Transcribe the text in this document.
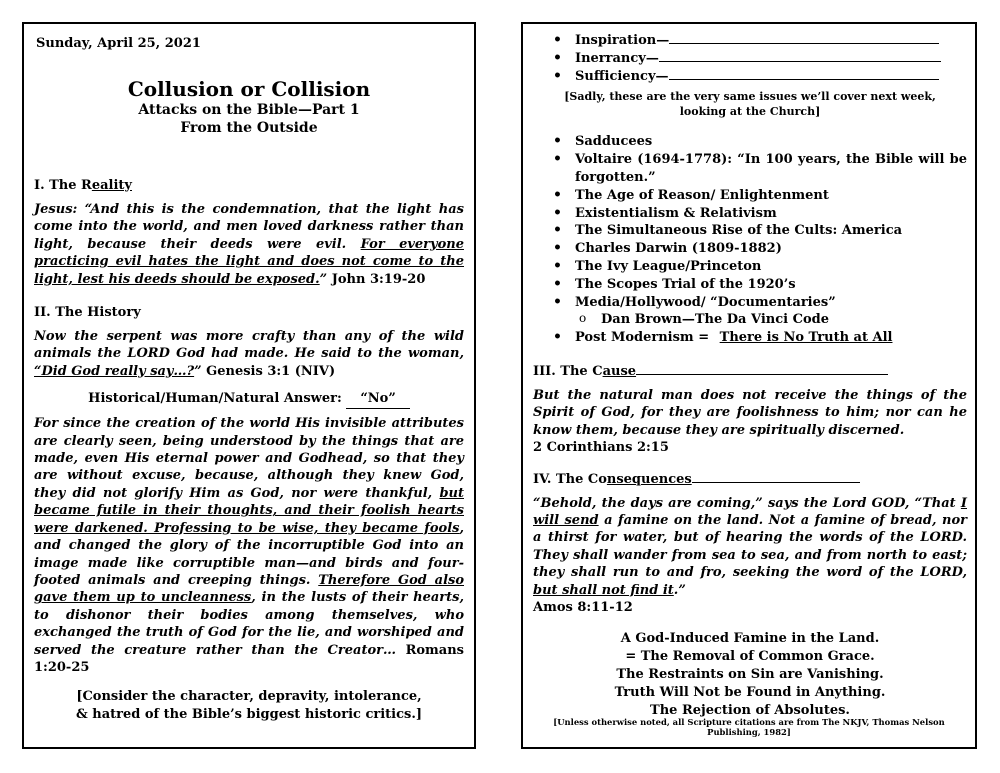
Sunday, April 25, 2021
Collusion or Collision
Attacks on the Bible—Part 1
From the Outside

I. The Reality

Jesus: “And this is the condemnation, that the light has come into the world, and men loved darkness rather than light, because their deeds were evil. For everyone practicing evil hates the light and does not come to the light, lest his deeds should be exposed.” John 3:19-20

II. The History

Now the serpent was more crafty than any of the wild animals the LORD God had made. He said to the woman, “Did God really say…?” Genesis 3:1 (NIV)

Historical/Human/Natural Answer: “No”

For since the creation of the world His invisible attributes are clearly seen, being understood by the things that are made, even His eternal power and Godhead, so that they are without excuse, because, although they knew God, they did not glorify Him as God, nor were thankful, but became futile in their thoughts, and their foolish hearts were darkened. Professing to be wise, they became fools, and changed the glory of the incorruptible God into an image made like corruptible man—and birds and four-footed animals and creeping things. Therefore God also gave them up to uncleanness, in the lusts of their hearts, to dishonor their bodies among themselves, who exchanged the truth of God for the lie, and worshiped and served the creature rather than the Creator… Romans 1:20-25

[Consider the character, depravity, intolerance,
& hatred of the Bible’s biggest historic critics.]
• Inspiration—
• Inerrancy—
• Sufficiency—
[Sadly, these are the very same issues we’ll cover next week,
looking at the Church]
• Sadducees
• Voltaire (1694-1778): “In 100 years, the Bible will be forgotten.”
• The Age of Reason/ Enlightenment
• Existentialism & Relativism
• The Simultaneous Rise of the Cults: America
• Charles Darwin (1809-1882)
• The Ivy League/Princeton
• The Scopes Trial of the 1920’s
• Media/Hollywood/ “Documentaries”
o Dan Brown—The Da Vinci Code
• Post Modernism = There is No Truth at All

III. The Cause

But the natural man does not receive the things of the Spirit of God, for they are foolishness to him; nor can he know them, because they are spiritually discerned.

2 Corinthians 2:15

IV. The Consequences

“Behold, the days are coming,” says the Lord GOD, “That I will send a famine on the land. Not a famine of bread, nor a thirst for water, but of hearing the words of the LORD. They shall wander from sea to sea, and from north to east; they shall run to and fro, seeking the word of the LORD, but shall not find it.”

Amos 8:11-12

A God-Induced Famine in the Land.
= The Removal of Common Grace.
The Restraints on Sin are Vanishing.
Truth Will Not be Found in Anything.
The Rejection of Absolutes.
[Unless otherwise noted, all Scripture citations are from The NKJV, Thomas Nelson Publishing, 1982]
